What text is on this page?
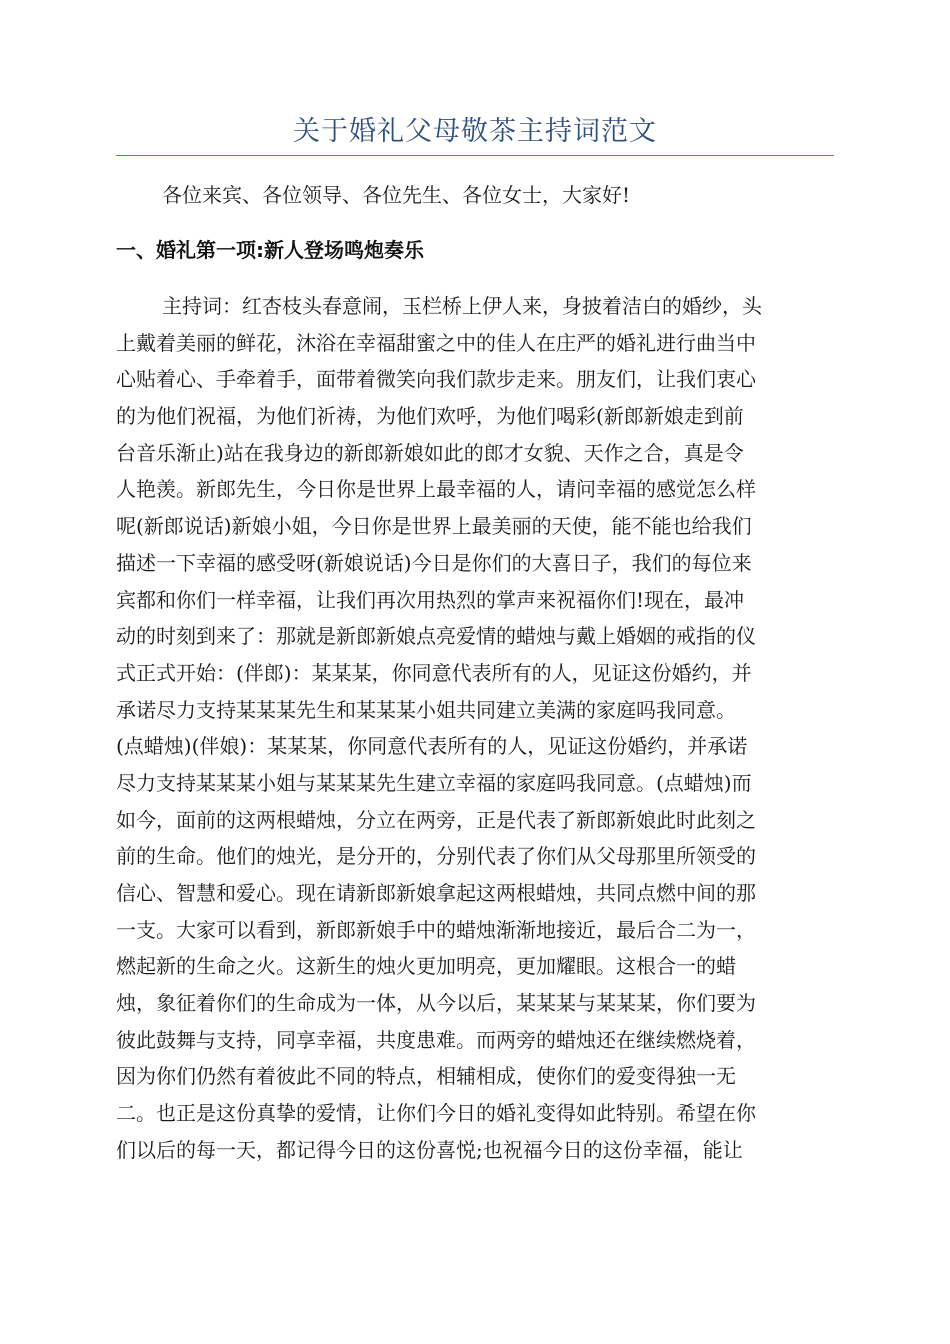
关于婚礼父母敬茶主持词范文

各位来宾、各位领导、各位先生、各位女士，大家好!

一、婚礼第一项:新人登场鸣炮奏乐
主持词：红杏枝头春意闹，玉栏桥上伊人来，身披着洁白的婚纱，头
上戴着美丽的鲜花，沐浴在幸福甜蜜之中的佳人在庄严的婚礼进行曲当中
心贴着心、手牵着手，面带着微笑向我们款步走来。朋友们，让我们衷心
的为他们祝福，为他们祈祷，为他们欢呼，为他们喝彩(新郎新娘走到前
台音乐渐止)站在我身边的新郎新娘如此的郎才女貌、天作之合，真是令
人艳羡。新郎先生，今日你是世界上最幸福的人，请问幸福的感觉怎么样
呢(新郎说话)新娘小姐，今日你是世界上最美丽的天使，能不能也给我们
描述一下幸福的感受呀(新娘说话)今日是你们的大喜日子，我们的每位来
宾都和你们一样幸福，让我们再次用热烈的掌声来祝福你们!现在，最冲
动的时刻到来了：那就是新郎新娘点亮爱情的蜡烛与戴上婚姻的戒指的仪
式正式开始：(伴郎)：某某某，你同意代表所有的人，见证这份婚约，并
承诺尽力支持某某某先生和某某某小姐共同建立美满的家庭吗我同意。
(点蜡烛)(伴娘)：某某某，你同意代表所有的人，见证这份婚约，并承诺
尽力支持某某某小姐与某某某先生建立幸福的家庭吗我同意。(点蜡烛)而
如今，面前的这两根蜡烛，分立在两旁，正是代表了新郎新娘此时此刻之
前的生命。他们的烛光，是分开的，分别代表了你们从父母那里所领受的
信心、智慧和爱心。现在请新郎新娘拿起这两根蜡烛，共同点燃中间的那
一支。大家可以看到，新郎新娘手中的蜡烛渐渐地接近，最后合二为一，
燃起新的生命之火。这新生的烛火更加明亮，更加耀眼。这根合一的蜡
烛，象征着你们的生命成为一体，从今以后，某某某与某某某，你们要为
彼此鼓舞与支持，同享幸福，共度患难。而两旁的蜡烛还在继续燃烧着，
因为你们仍然有着彼此不同的特点，相辅相成，使你们的爱变得独一无
二。也正是这份真挚的爱情，让你们今日的婚礼变得如此特别。希望在你
们以后的每一天，都记得今日的这份喜悦;也祝福今日的这份幸福，能让
